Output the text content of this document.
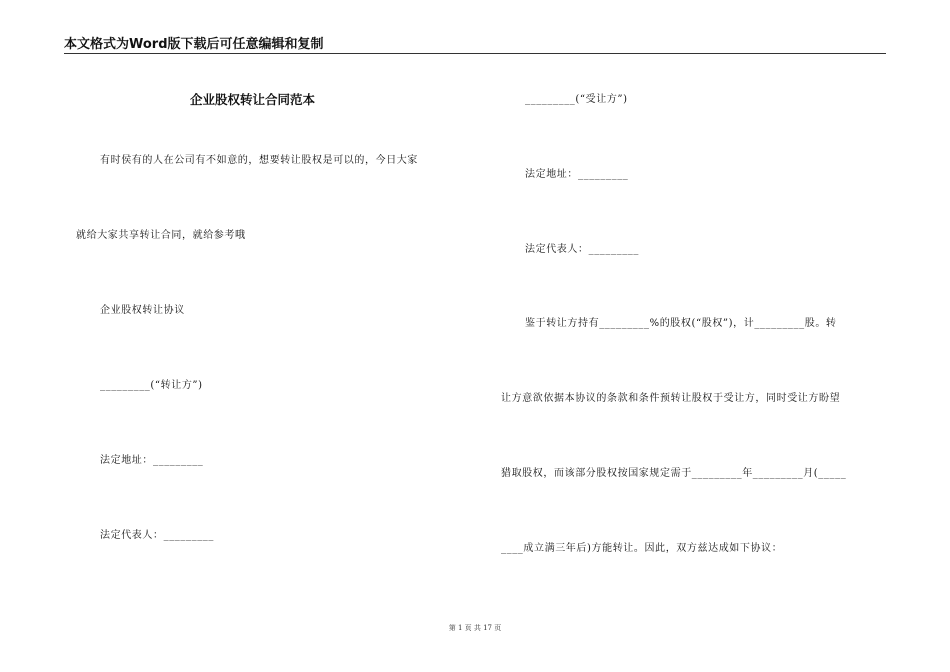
本文格式为Word版下载后可任意编辑和复制
企业股权转让合同范本
有时侯有的人在公司有不如意的，想要转让股权是可以的，今日大家
就给大家共享转让合同，就给参考哦
企业股权转让协议
_________(“转让方”)
法定地址：_________
法定代表人：_________
_________(“受让方”)
法定地址：_________
法定代表人：_________
鉴于转让方持有_________%的股权(“股权”)，计_________股。转
让方意欲依据本协议的条款和条件预转让股权于受让方，同时受让方盼望
猎取股权，而该部分股权按国家规定需于_________年_________月(_____
____成立满三年后)方能转让。因此，双方兹达成如下协议：
第 1 页 共 17 页
